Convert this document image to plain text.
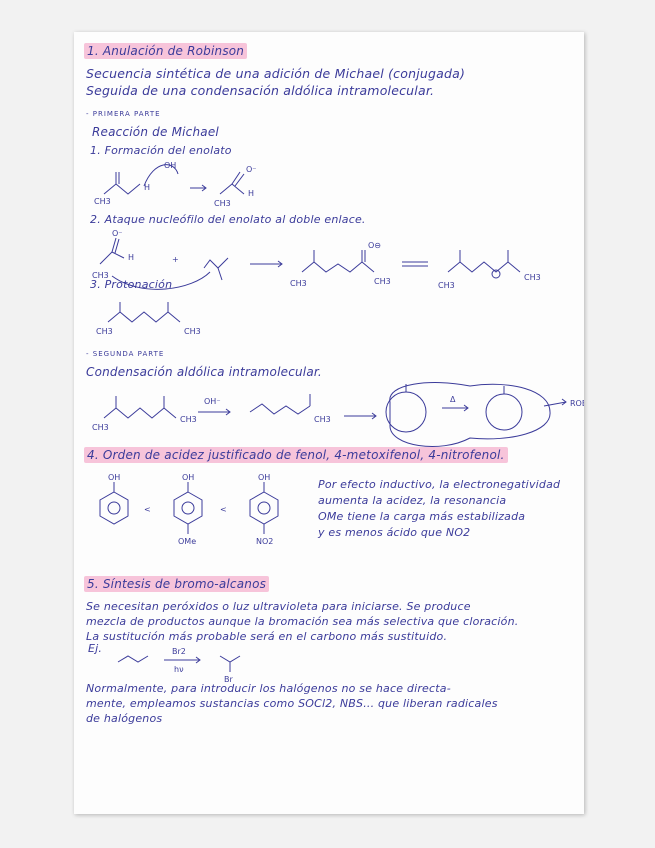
1. Anulación de Robinson
Secuencia sintética de una adición de Michael (conjugada)
Seguida de una condensación aldólica intramolecular.
- PRIMERA PARTE
Reacción de Michael
1. Formación del enolato
CH3
H
OH	O⁻
H
CH3
2. Ataque nucleófilo del enolato al doble enlace.
O⁻
H
CH3
+
CH3
O⊖
CH3	CH3
CH3
3. Protonación
CH3	CH3
- SEGUNDA PARTE
Condensación aldólica intramolecular.
CH3
CH3
OH⁻
CH3
Δ	ROBINSON
4. Orden de acidez justificado de fenol, 4-metoxifenol, 4-nitrofenol.
OH
<
OH
OMe
<
OH
NO2
Por efecto inductivo, la electronegatividad
aumenta la acidez, la resonancia
OMe tiene la carga más estabilizada
y es menos ácido que NO2
5. Síntesis de bromo-alcanos
Se necesitan peróxidos o luz ultravioleta para iniciarse. Se produce
mezcla de productos aunque la bromación sea más selectiva que cloración.
La sustitución más probable será en el carbono más sustituido.
Ej.	Br2
hν
Br
Normalmente, para introducir los halógenos no se hace directa-
mente, empleamos sustancias como SOCl2, NBS... que liberan radicales
de halógenos
